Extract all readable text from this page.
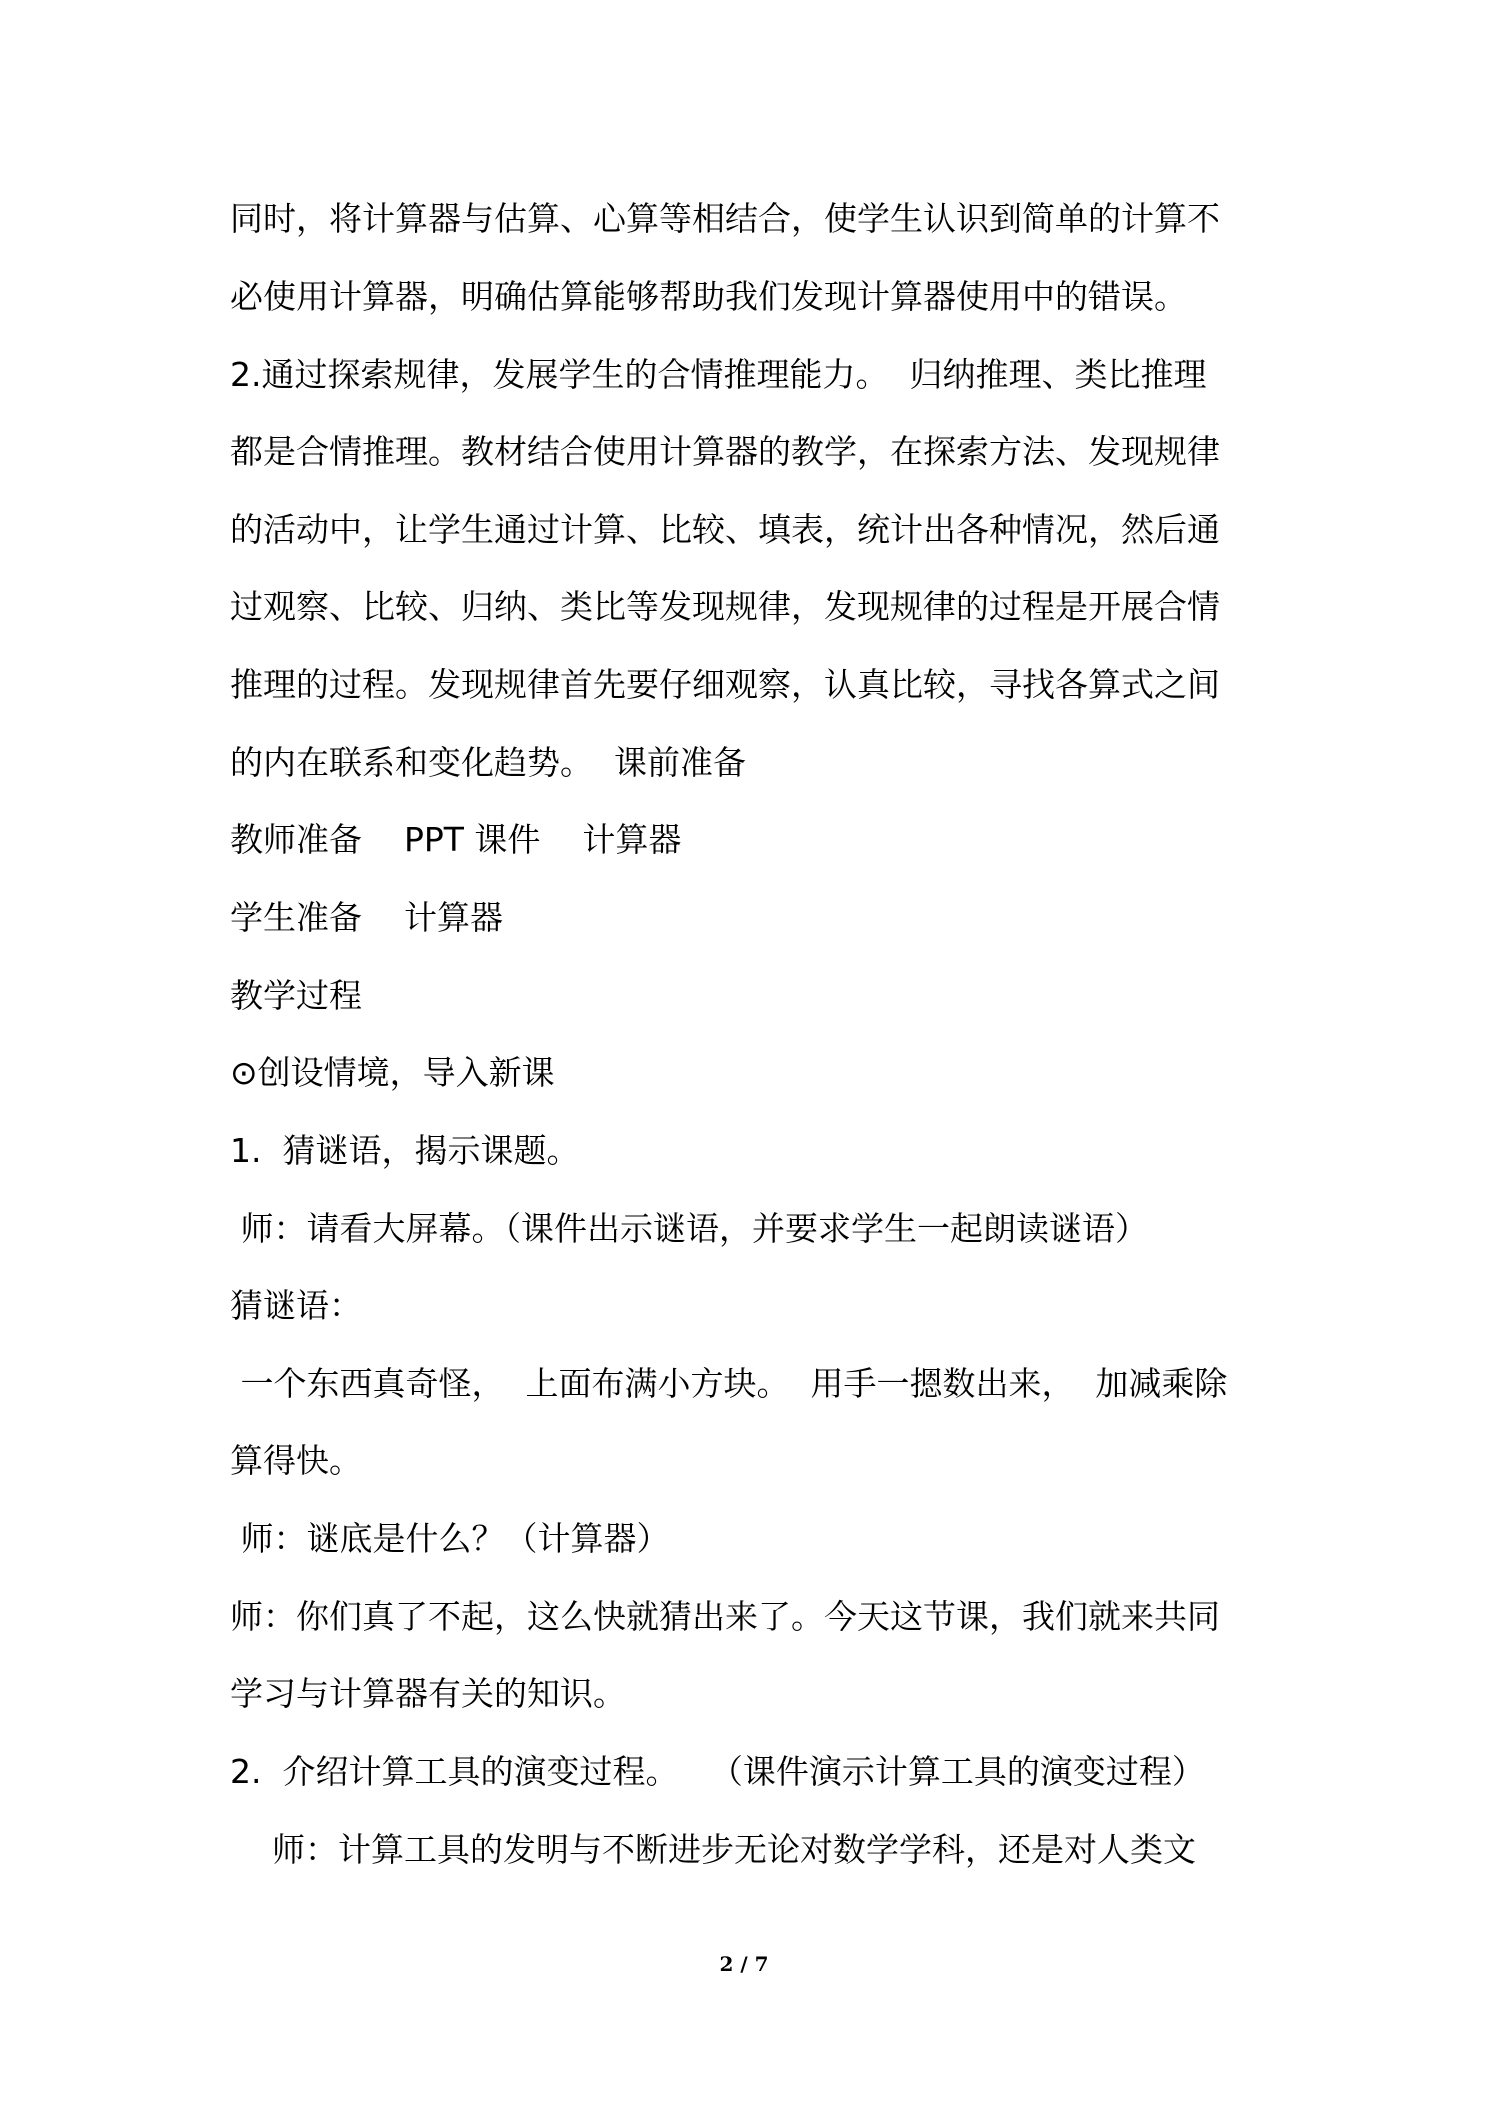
同时，将计算器与估算、心算等相结合，使学生认识到简单的计算不
必使用计算器，明确估算能够帮助我们发现计算器使用中的错误。
2.通过探索规律，发展学生的合情推理能力。  归纳推理、类比推理
都是合情推理。教材结合使用计算器的教学，在探索方法、发现规律
的活动中，让学生通过计算、比较、填表，统计出各种情况，然后通
过观察、比较、归纳、类比等发现规律，发现规律的过程是开展合情
推理的过程。发现规律首先要仔细观察，认真比较，寻找各算式之间
的内在联系和变化趋势。  课前准备
教师准备    PPT 课件    计算器
学生准备    计算器
教学过程
⊙创设情境，导入新课
1.  猜谜语，揭示课题。
师：请看大屏幕。（课件出示谜语，并要求学生一起朗读谜语）
猜谜语：
一个东西真奇怪，  上面布满小方块。  用手一摁数出来，  加减乘除
算得快。
师：谜底是什么？（计算器）
师：你们真了不起，这么快就猜出来了。今天这节课，我们就来共同
学习与计算器有关的知识。
2.  介绍计算工具的演变过程。   （课件演示计算工具的演变过程）
师：计算工具的发明与不断进步无论对数学学科，还是对人类文
2 / 7
